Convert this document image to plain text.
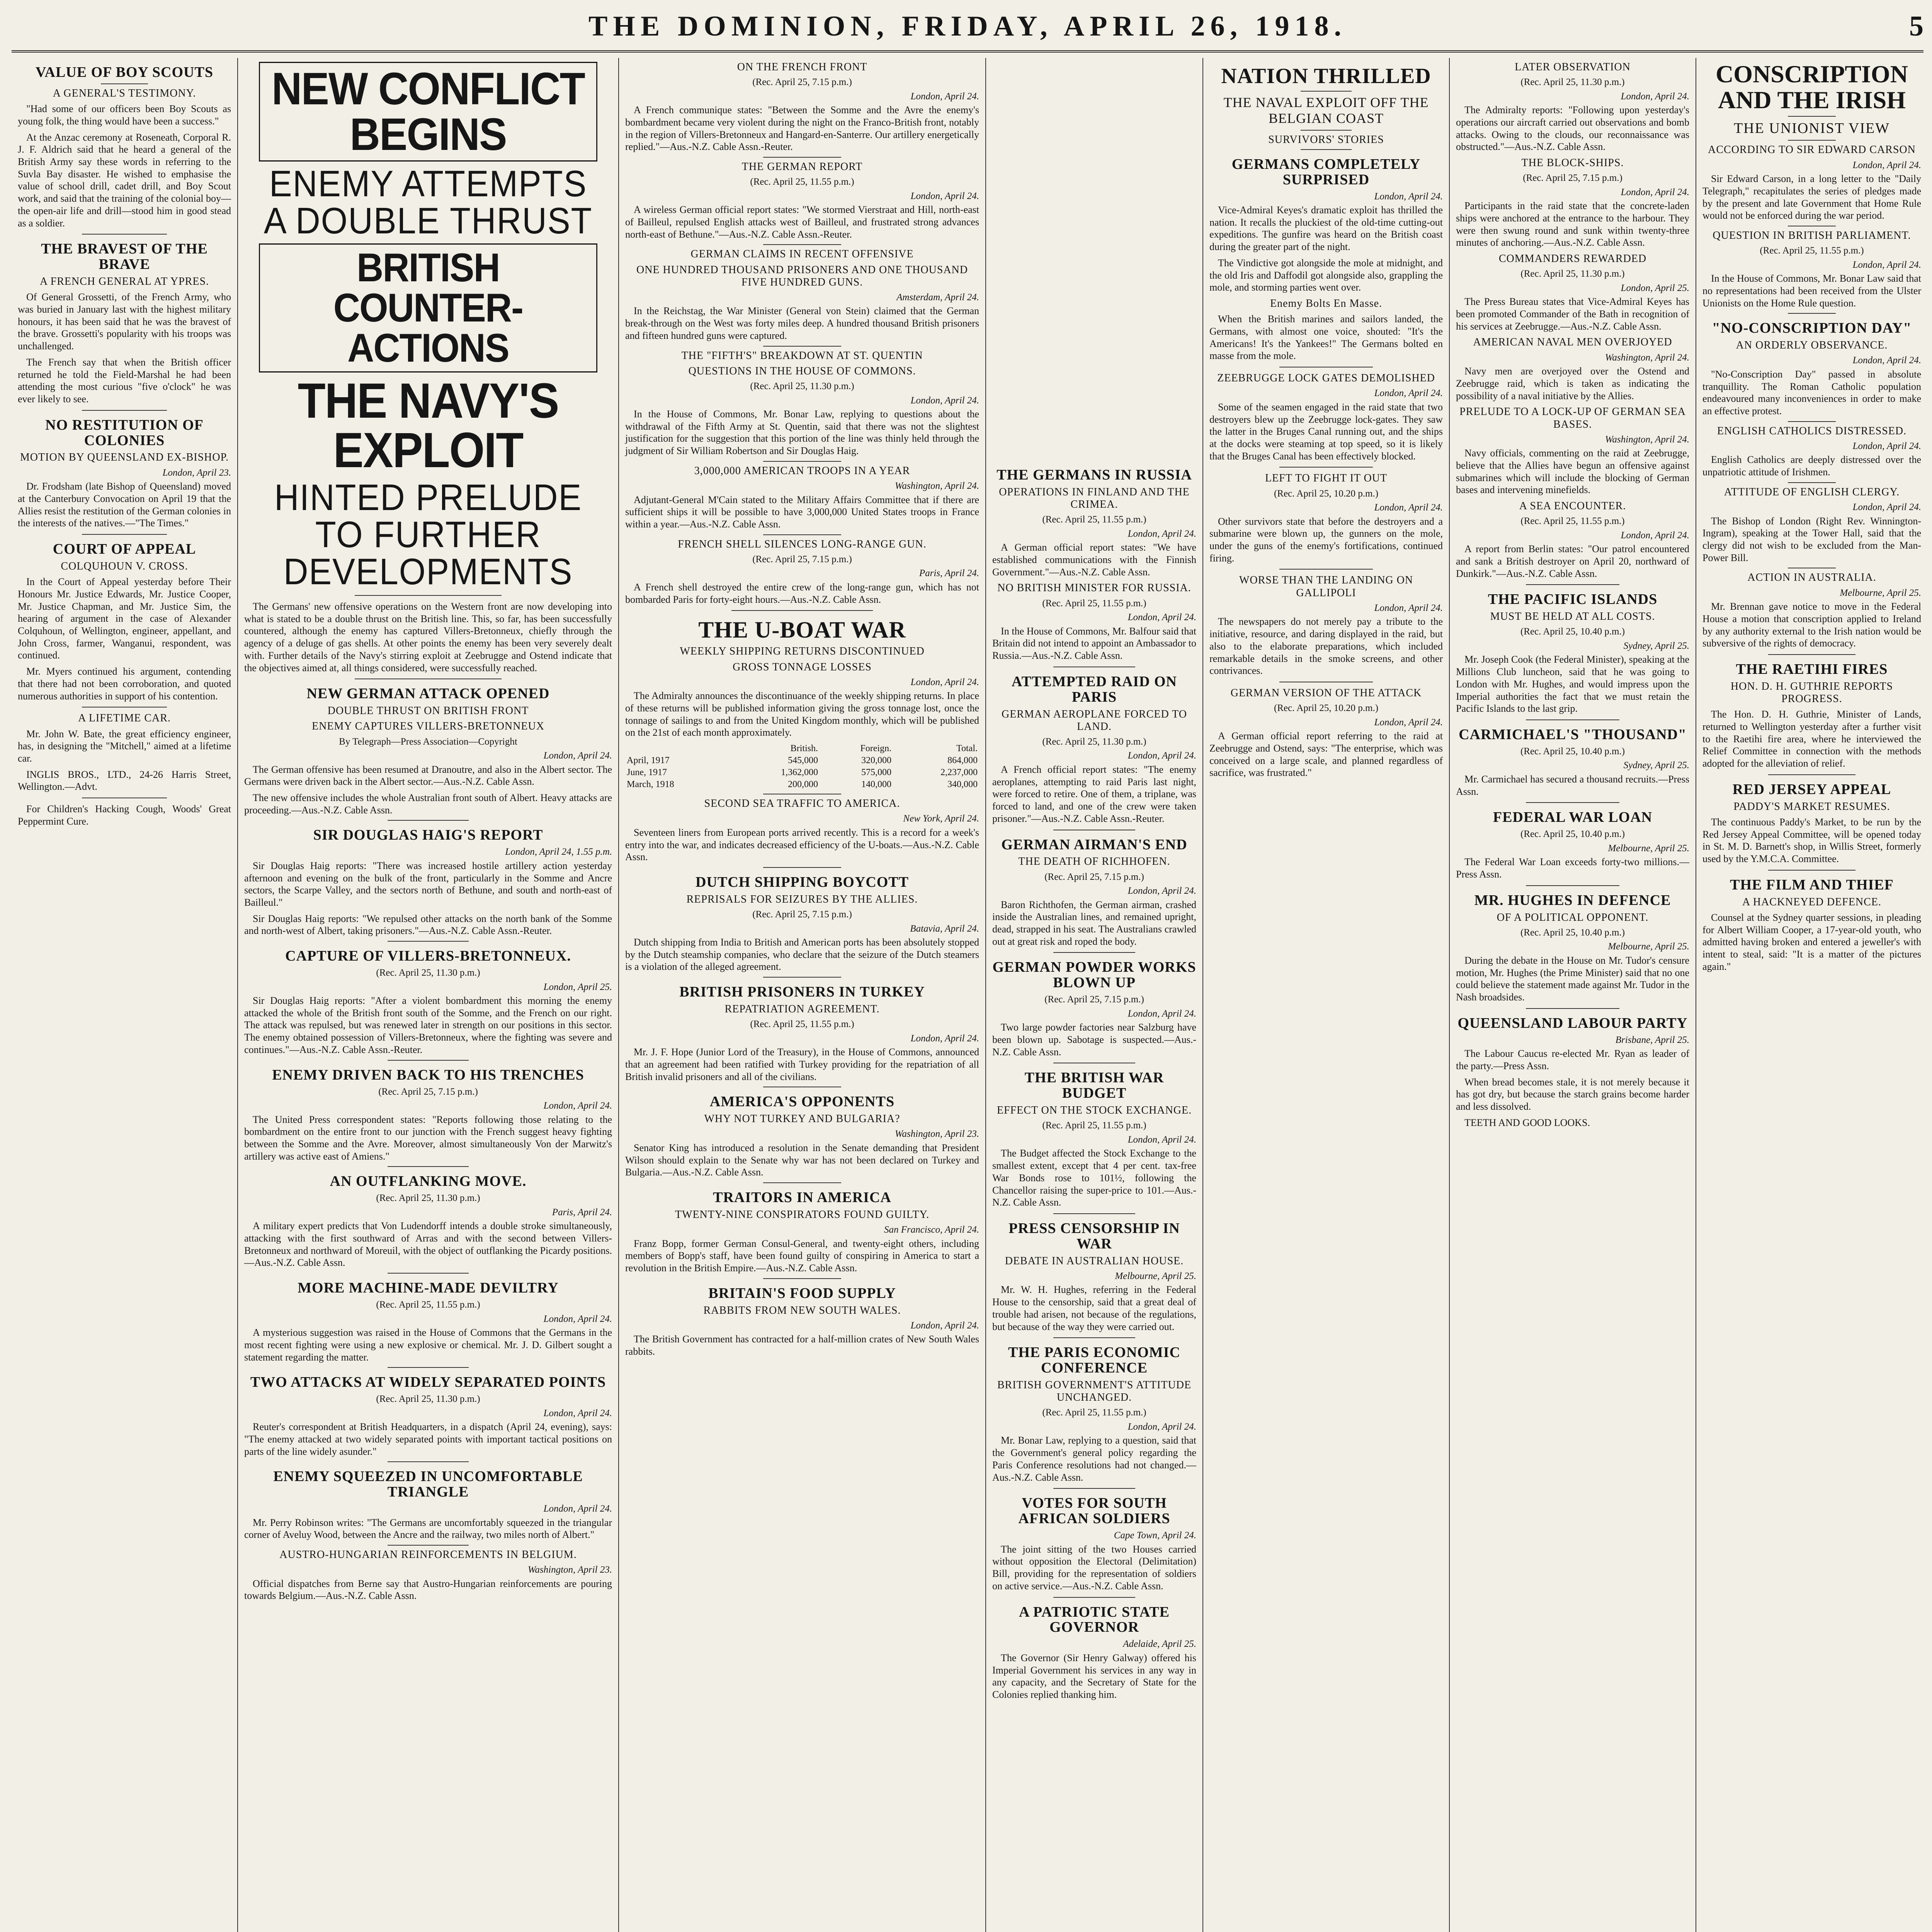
THE DOMINION, FRIDAY, APRIL 26, 1918.	5
VALUE OF BOY SCOUTS
A GENERAL'S TESTIMONY.

"Had some of our officers been Boy Scouts as young folk, the thing would have been a success."

At the Anzac ceremony at Roseneath, Corporal R. J. F. Aldrich said that he heard a general of the British Army say these words in referring to the Suvla Bay disaster. He wished to emphasise the value of school drill, cadet drill, and Boy Scout work, and said that the training of the colonial boy—the open-air life and drill—stood him in good stead as a soldier.

THE BRAVEST OF THE BRAVE
A FRENCH GENERAL AT YPRES.

Of General Grossetti, of the French Army, who was buried in January last with the highest military honours, it has been said that he was the bravest of the brave. Grossetti's popularity with his troops was unchallenged.

The French say that when the British officer returned he told the Field-Marshal he had been attending the most curious "five o'clock" he was ever likely to see.

NO RESTITUTION OF COLONIES
MOTION BY QUEENSLAND EX-BISHOP.

London, April 23.

Dr. Frodsham (late Bishop of Queensland) moved at the Canterbury Convocation on April 19 that the Allies resist the restitution of the German colonies in the interests of the natives.—"The Times."

COURT OF APPEAL
COLQUHOUN V. CROSS.

In the Court of Appeal yesterday before Their Honours Mr. Justice Edwards, Mr. Justice Cooper, Mr. Justice Chapman, and Mr. Justice Sim, the hearing of argument in the case of Alexander Colquhoun, of Wellington, engineer, appellant, and John Cross, farmer, Wanganui, respondent, was continued.

Mr. Myers continued his argument, contending that there had not been corroboration, and quoted numerous authorities in support of his contention.

A LIFETIME CAR.

Mr. John W. Bate, the great efficiency engineer, has, in designing the "Mitchell," aimed at a lifetime car.

INGLIS BROS., LTD., 24-26 Harris Street, Wellington.—Advt.

For Children's Hacking Cough, Woods' Great Peppermint Cure.

NEW CONFLICT BEGINS
ENEMY ATTEMPTS A DOUBLE THRUST
BRITISH COUNTER-ACTIONS
THE NAVY'S EXPLOIT
HINTED PRELUDE TO FURTHER DEVELOPMENTS

The Germans' new offensive operations on the Western front are now developing into what is stated to be a double thrust on the British line. This, so far, has been successfully countered, although the enemy has captured Villers-Bretonneux, chiefly through the agency of a deluge of gas shells. At other points the enemy has been very severely dealt with. Further details of the Navy's stirring exploit at Zeebrugge and Ostend indicate that the objectives aimed at, all things considered, were successfully reached.

NEW GERMAN ATTACK OPENED
DOUBLE THRUST ON BRITISH FRONT
ENEMY CAPTURES VILLERS-BRETONNEUX

By Telegraph—Press Association—Copyright

London, April 24.

The German offensive has been resumed at Dranoutre, and also in the Albert sector. The Germans were driven back in the Albert sector.—Aus.-N.Z. Cable Assn.

The new offensive includes the whole Australian front south of Albert. Heavy attacks are proceeding.—Aus.-N.Z. Cable Assn.

SIR DOUGLAS HAIG'S REPORT

London, April 24, 1.55 p.m.

Sir Douglas Haig reports: "There was increased hostile artillery action yesterday afternoon and evening on the bulk of the front, particularly in the Somme and Ancre sectors, the Scarpe Valley, and the sectors north of Bethune, and south and north-east of Bailleul."

Sir Douglas Haig reports: "We repulsed other attacks on the north bank of the Somme and north-west of Albert, taking prisoners."—Aus.-N.Z. Cable Assn.-Reuter.

CAPTURE OF VILLERS-BRETONNEUX.

(Rec. April 25, 11.30 p.m.)

London, April 25.

Sir Douglas Haig reports: "After a violent bombardment this morning the enemy attacked the whole of the British front south of the Somme, and the French on our right. The attack was repulsed, but was renewed later in strength on our positions in this sector. The enemy obtained possession of Villers-Bretonneux, where the fighting was severe and continues."—Aus.-N.Z. Cable Assn.-Reuter.

ENEMY DRIVEN BACK TO HIS TRENCHES

(Rec. April 25, 7.15 p.m.)

London, April 24.

The United Press correspondent states: "Reports following those relating to the bombardment on the entire front to our junction with the French suggest heavy fighting between the Somme and the Avre. Moreover, almost simultaneously Von der Marwitz's artillery was active east of Amiens."

AN OUTFLANKING MOVE.

(Rec. April 25, 11.30 p.m.)

Paris, April 24.

A military expert predicts that Von Ludendorff intends a double stroke simultaneously, attacking with the first southward of Arras and with the second between Villers-Bretonneux and northward of Moreuil, with the object of outflanking the Picardy positions.—Aus.-N.Z. Cable Assn.

MORE MACHINE-MADE DEVILTRY

(Rec. April 25, 11.55 p.m.)

London, April 24.

A mysterious suggestion was raised in the House of Commons that the Germans in the most recent fighting were using a new explosive or chemical. Mr. J. D. Gilbert sought a statement regarding the matter.

TWO ATTACKS AT WIDELY SEPARATED POINTS

(Rec. April 25, 11.30 p.m.)

London, April 24.

Reuter's correspondent at British Headquarters, in a dispatch (April 24, evening), says: "The enemy attacked at two widely separated points with important tactical positions on parts of the line widely asunder."

ENEMY SQUEEZED IN UNCOMFORTABLE TRIANGLE

London, April 24.

Mr. Perry Robinson writes: "The Germans are uncomfortably squeezed in the triangular corner of Aveluy Wood, between the Ancre and the railway, two miles north of Albert."

AUSTRO-HUNGARIAN REINFORCEMENTS IN BELGIUM.

Washington, April 23.

Official dispatches from Berne say that Austro-Hungarian reinforcements are pouring towards Belgium.—Aus.-N.Z. Cable Assn.

ON THE FRENCH FRONT

(Rec. April 25, 7.15 p.m.)

London, April 24.

A French communique states: "Between the Somme and the Avre the enemy's bombardment became very violent during the night on the Franco-British front, notably in the region of Villers-Bretonneux and Hangard-en-Santerre. Our artillery energetically replied."—Aus.-N.Z. Cable Assn.-Reuter.

THE GERMAN REPORT

(Rec. April 25, 11.55 p.m.)

London, April 24.

A wireless German official report states: "We stormed Vierstraat and Hill, north-east of Bailleul, repulsed English attacks west of Bailleul, and frustrated strong advances north-east of Bethune."—Aus.-N.Z. Cable Assn.-Reuter.

GERMAN CLAIMS IN RECENT OFFENSIVE
ONE HUNDRED THOUSAND PRISONERS AND ONE THOUSAND FIVE HUNDRED GUNS.

Amsterdam, April 24.

In the Reichstag, the War Minister (General von Stein) claimed that the German break-through on the West was forty miles deep. A hundred thousand British prisoners and fifteen hundred guns were captured.

THE "FIFTH'S" BREAKDOWN AT ST. QUENTIN
QUESTIONS IN THE HOUSE OF COMMONS.

(Rec. April 25, 11.30 p.m.)

London, April 24.

In the House of Commons, Mr. Bonar Law, replying to questions about the withdrawal of the Fifth Army at St. Quentin, said that there was not the slightest justification for the suggestion that this portion of the line was thinly held through the judgment of Sir William Robertson and Sir Douglas Haig.

3,000,000 AMERICAN TROOPS IN A YEAR

Washington, April 24.

Adjutant-General M'Cain stated to the Military Affairs Committee that if there are sufficient ships it will be possible to have 3,000,000 United States troops in France within a year.—Aus.-N.Z. Cable Assn.

FRENCH SHELL SILENCES LONG-RANGE GUN.

(Rec. April 25, 7.15 p.m.)

Paris, April 24.

A French shell destroyed the entire crew of the long-range gun, which has not bombarded Paris for forty-eight hours.—Aus.-N.Z. Cable Assn.

THE U-BOAT WAR
WEEKLY SHIPPING RETURNS DISCONTINUED
GROSS TONNAGE LOSSES

London, April 24.

The Admiralty announces the discontinuance of the weekly shipping returns. In place of these returns will be published information giving the gross tonnage lost, once the tonnage of sailings to and from the United Kingdom monthly, which will be published on the 21st of each month approximately.

	British.	Foreign.	Total.
April, 1917	545,000	320,000	864,000
June, 1917	1,362,000	575,000	2,237,000
March, 1918	200,000	140,000	340,000
SECOND SEA TRAFFIC TO AMERICA.

New York, April 24.

Seventeen liners from European ports arrived recently. This is a record for a week's entry into the war, and indicates decreased efficiency of the U-boats.—Aus.-N.Z. Cable Assn.

DUTCH SHIPPING BOYCOTT
REPRISALS FOR SEIZURES BY THE ALLIES.

(Rec. April 25, 7.15 p.m.)

Batavia, April 24.

Dutch shipping from India to British and American ports has been absolutely stopped by the Dutch steamship companies, who declare that the seizure of the Dutch steamers is a violation of the alleged agreement.

BRITISH PRISONERS IN TURKEY
REPATRIATION AGREEMENT.

(Rec. April 25, 11.55 p.m.)

London, April 24.

Mr. J. F. Hope (Junior Lord of the Treasury), in the House of Commons, announced that an agreement had been ratified with Turkey providing for the repatriation of all British invalid prisoners and all of the civilians.

AMERICA'S OPPONENTS
WHY NOT TURKEY AND BULGARIA?

Washington, April 23.

Senator King has introduced a resolution in the Senate demanding that President Wilson should explain to the Senate why war has not been declared on Turkey and Bulgaria.—Aus.-N.Z. Cable Assn.

TRAITORS IN AMERICA
TWENTY-NINE CONSPIRATORS FOUND GUILTY.

San Francisco, April 24.

Franz Bopp, former German Consul-General, and twenty-eight others, including members of Bopp's staff, have been found guilty of conspiring in America to start a revolution in the British Empire.—Aus.-N.Z. Cable Assn.

BRITAIN'S FOOD SUPPLY
RABBITS FROM NEW SOUTH WALES.

London, April 24.

The British Government has contracted for a half-million crates of New South Wales rabbits.

THE GERMANS IN RUSSIA
OPERATIONS IN FINLAND AND THE CRIMEA.

(Rec. April 25, 11.55 p.m.)

London, April 24.

A German official report states: "We have established communications with the Finnish Government."—Aus.-N.Z. Cable Assn.

NO BRITISH MINISTER FOR RUSSIA.

(Rec. April 25, 11.55 p.m.)

London, April 24.

In the House of Commons, Mr. Balfour said that Britain did not intend to appoint an Ambassador to Russia.—Aus.-N.Z. Cable Assn.

ATTEMPTED RAID ON PARIS
GERMAN AEROPLANE FORCED TO LAND.

(Rec. April 25, 11.30 p.m.)

London, April 24.

A French official report states: "The enemy aeroplanes, attempting to raid Paris last night, were forced to retire. One of them, a triplane, was forced to land, and one of the crew were taken prisoner."—Aus.-N.Z. Cable Assn.-Reuter.

GERMAN AIRMAN'S END
THE DEATH OF RICHHOFEN.

(Rec. April 25, 7.15 p.m.)

London, April 24.

Baron Richthofen, the German airman, crashed inside the Australian lines, and remained upright, dead, strapped in his seat. The Australians crawled out at great risk and roped the body.

GERMAN POWDER WORKS BLOWN UP

(Rec. April 25, 7.15 p.m.)

London, April 24.

Two large powder factories near Salzburg have been blown up. Sabotage is suspected.—Aus.-N.Z. Cable Assn.

THE BRITISH WAR BUDGET
EFFECT ON THE STOCK EXCHANGE.

(Rec. April 25, 11.55 p.m.)

London, April 24.

The Budget affected the Stock Exchange to the smallest extent, except that 4 per cent. tax-free War Bonds rose to 101½, following the Chancellor raising the super-price to 101.—Aus.-N.Z. Cable Assn.

PRESS CENSORSHIP IN WAR
DEBATE IN AUSTRALIAN HOUSE.

Melbourne, April 25.

Mr. W. H. Hughes, referring in the Federal House to the censorship, said that a great deal of trouble had arisen, not because of the regulations, but because of the way they were carried out.

THE PARIS ECONOMIC CONFERENCE
BRITISH GOVERNMENT'S ATTITUDE UNCHANGED.

(Rec. April 25, 11.55 p.m.)

London, April 24.

Mr. Bonar Law, replying to a question, said that the Government's general policy regarding the Paris Conference resolutions had not changed.—Aus.-N.Z. Cable Assn.

VOTES FOR SOUTH AFRICAN SOLDIERS

Cape Town, April 24.

The joint sitting of the two Houses carried without opposition the Electoral (Delimitation) Bill, providing for the representation of soldiers on active service.—Aus.-N.Z. Cable Assn.

A PATRIOTIC STATE GOVERNOR

Adelaide, April 25.

The Governor (Sir Henry Galway) offered his Imperial Government his services in any way in any capacity, and the Secretary of State for the Colonies replied thanking him.

NATION THRILLED
THE NAVAL EXPLOIT OFF THE BELGIAN COAST
SURVIVORS' STORIES
GERMANS COMPLETELY SURPRISED

London, April 24.

Vice-Admiral Keyes's dramatic exploit has thrilled the nation. It recalls the pluckiest of the old-time cutting-out expeditions. The gunfire was heard on the British coast during the greater part of the night.

The Vindictive got alongside the mole at midnight, and the old Iris and Daffodil got alongside also, grappling the mole, and storming parties went over.

Enemy Bolts En Masse.

When the British marines and sailors landed, the Germans, with almost one voice, shouted: "It's the Americans! It's the Yankees!" The Germans bolted en masse from the mole.

ZEEBRUGGE LOCK GATES DEMOLISHED

London, April 24.

Some of the seamen engaged in the raid state that two destroyers blew up the Zeebrugge lock-gates. They saw the latter in the Bruges Canal running out, and the ships at the docks were steaming at top speed, so it is likely that the Bruges Canal has been effectively blocked.

LEFT TO FIGHT IT OUT

(Rec. April 25, 10.20 p.m.)

London, April 24.

Other survivors state that before the destroyers and a submarine were blown up, the gunners on the mole, under the guns of the enemy's fortifications, continued firing.

WORSE THAN THE LANDING ON GALLIPOLI

London, April 24.

The newspapers do not merely pay a tribute to the initiative, resource, and daring displayed in the raid, but also to the elaborate preparations, which included remarkable details in the smoke screens, and other contrivances.

GERMAN VERSION OF THE ATTACK

(Rec. April 25, 10.20 p.m.)

London, April 24.

A German official report referring to the raid at Zeebrugge and Ostend, says: "The enterprise, which was conceived on a large scale, and planned regardless of sacrifice, was frustrated."

LATER OBSERVATION

(Rec. April 25, 11.30 p.m.)

London, April 24.

The Admiralty reports: "Following upon yesterday's operations our aircraft carried out observations and bomb attacks. Owing to the clouds, our reconnaissance was obstructed."—Aus.-N.Z. Cable Assn.

THE BLOCK-SHIPS.

(Rec. April 25, 7.15 p.m.)

London, April 24.

Participants in the raid state that the concrete-laden ships were anchored at the entrance to the harbour. They were then swung round and sunk within twenty-three minutes of anchoring.—Aus.-N.Z. Cable Assn.

COMMANDERS REWARDED

(Rec. April 25, 11.30 p.m.)

London, April 25.

The Press Bureau states that Vice-Admiral Keyes has been promoted Commander of the Bath in recognition of his services at Zeebrugge.—Aus.-N.Z. Cable Assn.

AMERICAN NAVAL MEN OVERJOYED

Washington, April 24.

Navy men are overjoyed over the Ostend and Zeebrugge raid, which is taken as indicating the possibility of a naval initiative by the Allies.

PRELUDE TO A LOCK-UP OF GERMAN SEA BASES.

Washington, April 24.

Navy officials, commenting on the raid at Zeebrugge, believe that the Allies have begun an offensive against submarines which will include the blocking of German bases and intervening minefields.

A SEA ENCOUNTER.

(Rec. April 25, 11.55 p.m.)

London, April 24.

A report from Berlin states: "Our patrol encountered and sank a British destroyer on April 20, northward of Dunkirk."—Aus.-N.Z. Cable Assn.

THE PACIFIC ISLANDS
MUST BE HELD AT ALL COSTS.

(Rec. April 25, 10.40 p.m.)

Sydney, April 25.

Mr. Joseph Cook (the Federal Minister), speaking at the Millions Club luncheon, said that he was going to London with Mr. Hughes, and would impress upon the Imperial authorities the fact that we must retain the Pacific Islands to the last grip.

CARMICHAEL'S "THOUSAND"

(Rec. April 25, 10.40 p.m.)

Sydney, April 25.

Mr. Carmichael has secured a thousand recruits.—Press Assn.

FEDERAL WAR LOAN

(Rec. April 25, 10.40 p.m.)

Melbourne, April 25.

The Federal War Loan exceeds forty-two millions.—Press Assn.

MR. HUGHES IN DEFENCE
OF A POLITICAL OPPONENT.

(Rec. April 25, 10.40 p.m.)

Melbourne, April 25.

During the debate in the House on Mr. Tudor's censure motion, Mr. Hughes (the Prime Minister) said that no one could believe the statement made against Mr. Tudor in the Nash broadsides.

QUEENSLAND LABOUR PARTY

Brisbane, April 25.

The Labour Caucus re-elected Mr. Ryan as leader of the party.—Press Assn.

When bread becomes stale, it is not merely because it has got dry, but because the starch grains become harder and less dissolved.

TEETH AND GOOD LOOKS.

CONSCRIPTION AND THE IRISH
THE UNIONIST VIEW
ACCORDING TO SIR EDWARD CARSON

London, April 24.

Sir Edward Carson, in a long letter to the "Daily Telegraph," recapitulates the series of pledges made by the present and late Government that Home Rule would not be enforced during the war period.

QUESTION IN BRITISH PARLIAMENT.

(Rec. April 25, 11.55 p.m.)

London, April 24.

In the House of Commons, Mr. Bonar Law said that no representations had been received from the Ulster Unionists on the Home Rule question.

"NO-CONSCRIPTION DAY"
AN ORDERLY OBSERVANCE.

London, April 24.

"No-Conscription Day" passed in absolute tranquillity. The Roman Catholic population endeavoured many inconveniences in order to make an effective protest.

ENGLISH CATHOLICS DISTRESSED.

London, April 24.

English Catholics are deeply distressed over the unpatriotic attitude of Irishmen.

ATTITUDE OF ENGLISH CLERGY.

London, April 24.

The Bishop of London (Right Rev. Winnington-Ingram), speaking at the Tower Hall, said that the clergy did not wish to be excluded from the Man-Power Bill.

ACTION IN AUSTRALIA.

Melbourne, April 25.

Mr. Brennan gave notice to move in the Federal House a motion that conscription applied to Ireland by any authority external to the Irish nation would be subversive of the rights of democracy.

THE RAETIHI FIRES
HON. D. H. GUTHRIE REPORTS PROGRESS.

The Hon. D. H. Guthrie, Minister of Lands, returned to Wellington yesterday after a further visit to the Raetihi fire area, where he interviewed the Relief Committee in connection with the methods adopted for the alleviation of relief.

RED JERSEY APPEAL
PADDY'S MARKET RESUMES.

The continuous Paddy's Market, to be run by the Red Jersey Appeal Committee, will be opened today in St. M. D. Barnett's shop, in Willis Street, formerly used by the Y.M.C.A. Committee.

THE FILM AND THIEF
A HACKNEYED DEFENCE.

Counsel at the Sydney quarter sessions, in pleading for Albert William Cooper, a 17-year-old youth, who admitted having broken and entered a jeweller's with intent to steal, said: "It is a matter of the pictures again."
